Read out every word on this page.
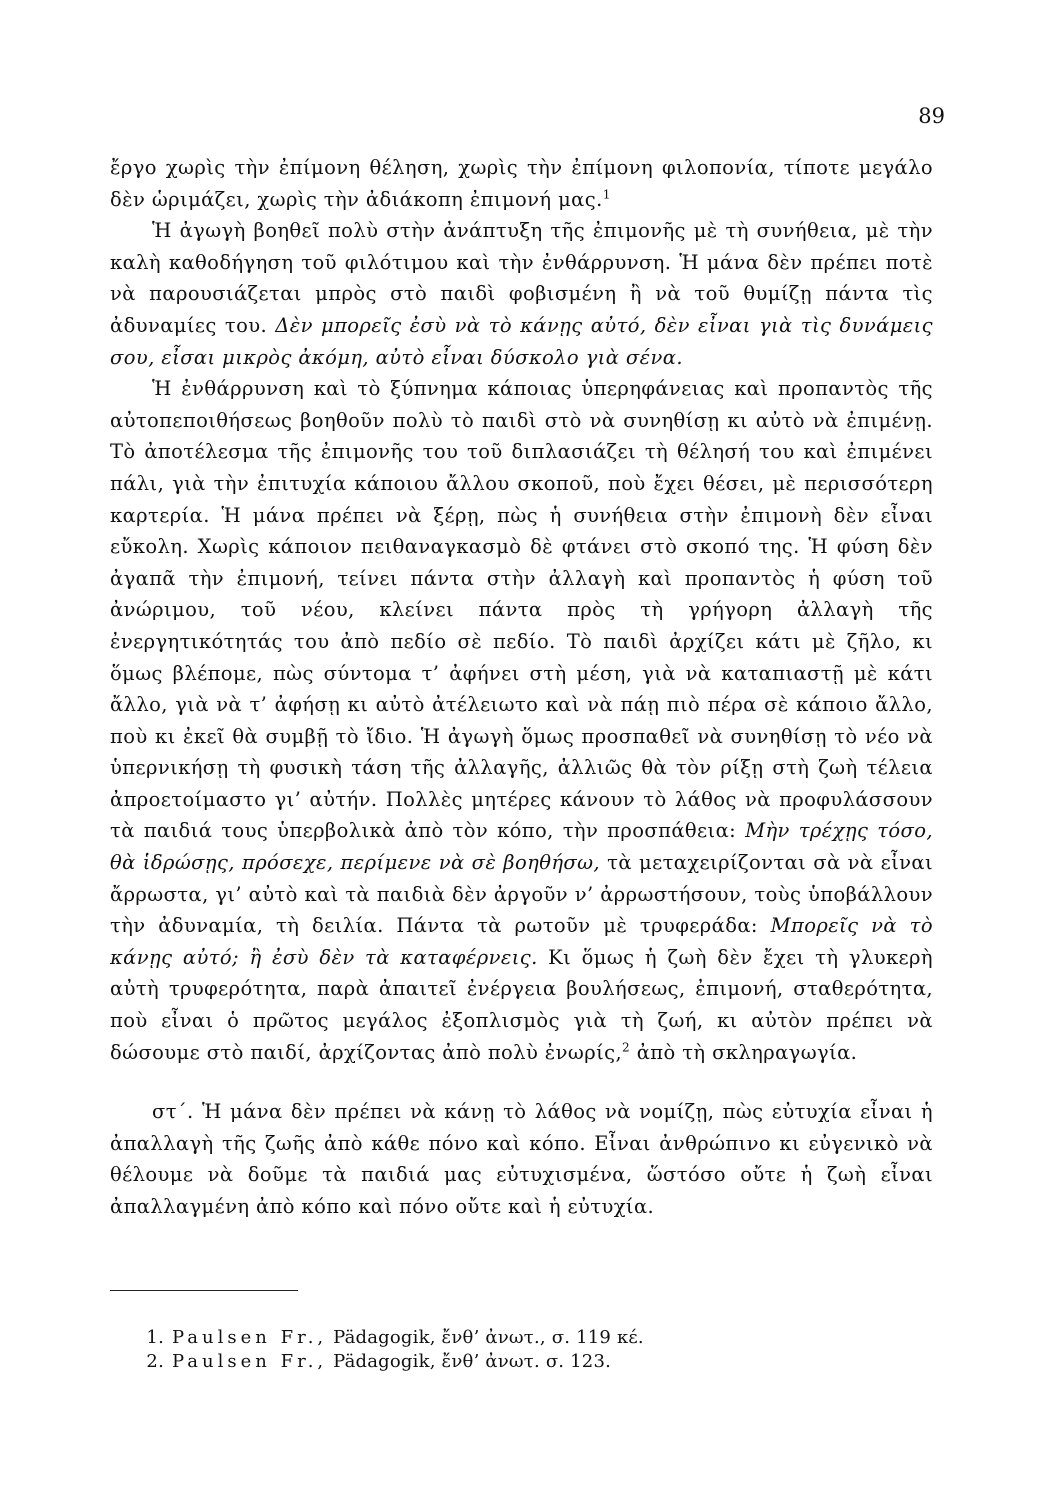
89

ἔργο χωρὶς τὴν ἐπίμονη θέληση, χωρὶς τὴν ἐπίμονη φιλοπονία, τίποτε μεγάλο δὲν ὡριμάζει, χωρὶς τὴν ἀδιάκοπη ἐπιμονή μας.$^1$

Ἡ ἀγωγὴ βοηθεῖ πολὺ στὴν ἀνάπτυξη τῆς ἐπιμονῆς μὲ τὴ συνήθεια, μὲ τὴν καλὴ καθοδήγηση τοῦ φιλότιμου καὶ τὴν ἐνθάρρυνση. Ἡ μάνα δὲν πρέπει ποτὲ νὰ παρουσιάζεται μπρὸς στὸ παιδὶ φοβισμένη ἢ νὰ τοῦ θυμίζῃ πάντα τὶς ἀδυναμίες του. Δὲν μπορεῖς ἐσὺ νὰ τὸ κάνῃς αὐτό, δὲν εἶναι γιὰ τὶς δυνάμεις σου, εἶσαι μικρὸς ἀκόμη, αὐτὸ εἶναι δύσκολο γιὰ σένα.

Ἡ ἐνθάρρυνση καὶ τὸ ξύπνημα κάποιας ὑπερηφάνειας καὶ προπαντὸς τῆς αὐτοπεποιθήσεως βοηθοῦν πολὺ τὸ παιδὶ στὸ νὰ συνηθίσῃ κι αὐτὸ νὰ ἐπιμένῃ. Τὸ ἀποτέλεσμα τῆς ἐπιμονῆς του τοῦ διπλασιάζει τὴ θέλησή του καὶ ἐπιμένει πάλι, γιὰ τὴν ἐπιτυχία κάποιου ἄλλου σκοποῦ, ποὺ ἔχει θέσει, μὲ περισσότερη καρτερία. Ἡ μάνα πρέπει νὰ ξέρῃ, πὼς ἡ συνήθεια στὴν ἐπιμονὴ δὲν εἶναι εὔκολη. Χωρὶς κάποιον πειθαναγκασμὸ δὲ φτάνει στὸ σκοπό της. Ἡ φύση δὲν ἀγαπᾶ τὴν ἐπιμονή, τείνει πάντα στὴν ἀλλαγὴ καὶ προπαντὸς ἡ φύση τοῦ ἀνώριμου, τοῦ νέου, κλείνει πάντα πρὸς τὴ γρήγορη ἀλλαγὴ τῆς ἐνεργητικότητάς του ἀπὸ πεδίο σὲ πεδίο. Τὸ παιδὶ ἀρχίζει κάτι μὲ ζῆλο, κι ὅμως βλέπομε, πὼς σύντομα τ’ ἀφήνει στὴ μέση, γιὰ νὰ καταπιαστῇ μὲ κάτι ἄλλο, γιὰ νὰ τ’ ἀφήσῃ κι αὐτὸ ἀτέλειωτο καὶ νὰ πάῃ πιὸ πέρα σὲ κάποιο ἄλλο, ποὺ κι ἐκεῖ θὰ συμβῇ τὸ ἴδιο. Ἡ ἀγωγὴ ὅμως προσπαθεῖ νὰ συνηθίσῃ τὸ νέο νὰ ὑπερνικήσῃ τὴ φυσικὴ τάση τῆς ἀλλαγῆς, ἀλλιῶς θὰ τὸν ρίξῃ στὴ ζωὴ τέλεια ἀπροετοίμαστο γι’ αὐτήν. Πολλὲς μητέρες κάνουν τὸ λάθος νὰ προφυλάσσουν τὰ παιδιά τους ὑπερβολικὰ ἀπὸ τὸν κόπο, τὴν προσπάθεια: Μὴν τρέχῃς τόσο, θὰ ἱδρώσῃς, πρόσεχε, περίμενε νὰ σὲ βοηθήσω, τὰ μεταχειρίζονται σὰ νὰ εἶναι ἄρρωστα, γι’ αὐτὸ καὶ τὰ παιδιὰ δὲν ἀργοῦν ν’ ἀρρωστήσουν, τοὺς ὑποβάλλουν τὴν ἀδυναμία, τὴ δειλία. Πάντα τὰ ρωτοῦν μὲ τρυφεράδα: Μπορεῖς νὰ τὸ κάνῃς αὐτό; ἢ ἐσὺ δὲν τὰ καταφέρνεις. Κι ὅμως ἡ ζωὴ δὲν ἔχει τὴ γλυκερὴ αὐτὴ τρυφερότητα, παρὰ ἀπαιτεῖ ἐνέργεια βουλήσεως, ἐπιμονή, σταθερότητα, ποὺ εἶναι ὁ πρῶτος μεγάλος ἐξοπλισμὸς γιὰ τὴ ζωή, κι αὐτὸν πρέπει νὰ δώσουμε στὸ παιδί, ἀρχίζοντας ἀπὸ πολὺ ἐνωρίς,$^2$ ἀπὸ τὴ σκληραγωγία.

στ΄. Ἡ μάνα δὲν πρέπει νὰ κάνῃ τὸ λάθος νὰ νομίζῃ, πὼς εὐτυχία εἶναι ἡ ἀπαλλαγὴ τῆς ζωῆς ἀπὸ κάθε πόνο καὶ κόπο. Εἶναι ἀνθρώπινο κι εὐγενικὸ νὰ θέλουμε νὰ δοῦμε τὰ παιδιά μας εὐτυχισμένα, ὥστόσο οὔτε ἡ ζωὴ εἶναι ἀπαλλαγμένη ἀπὸ κόπο καὶ πόνο οὔτε καὶ ἡ εὐτυχία.

1. Paulsen Fr., Pädagogik, ἔνθ’ ἀνωτ., σ. 119 κέ.
2. Paulsen Fr., Pädagogik, ἔνθ’ ἀνωτ. σ. 123.
